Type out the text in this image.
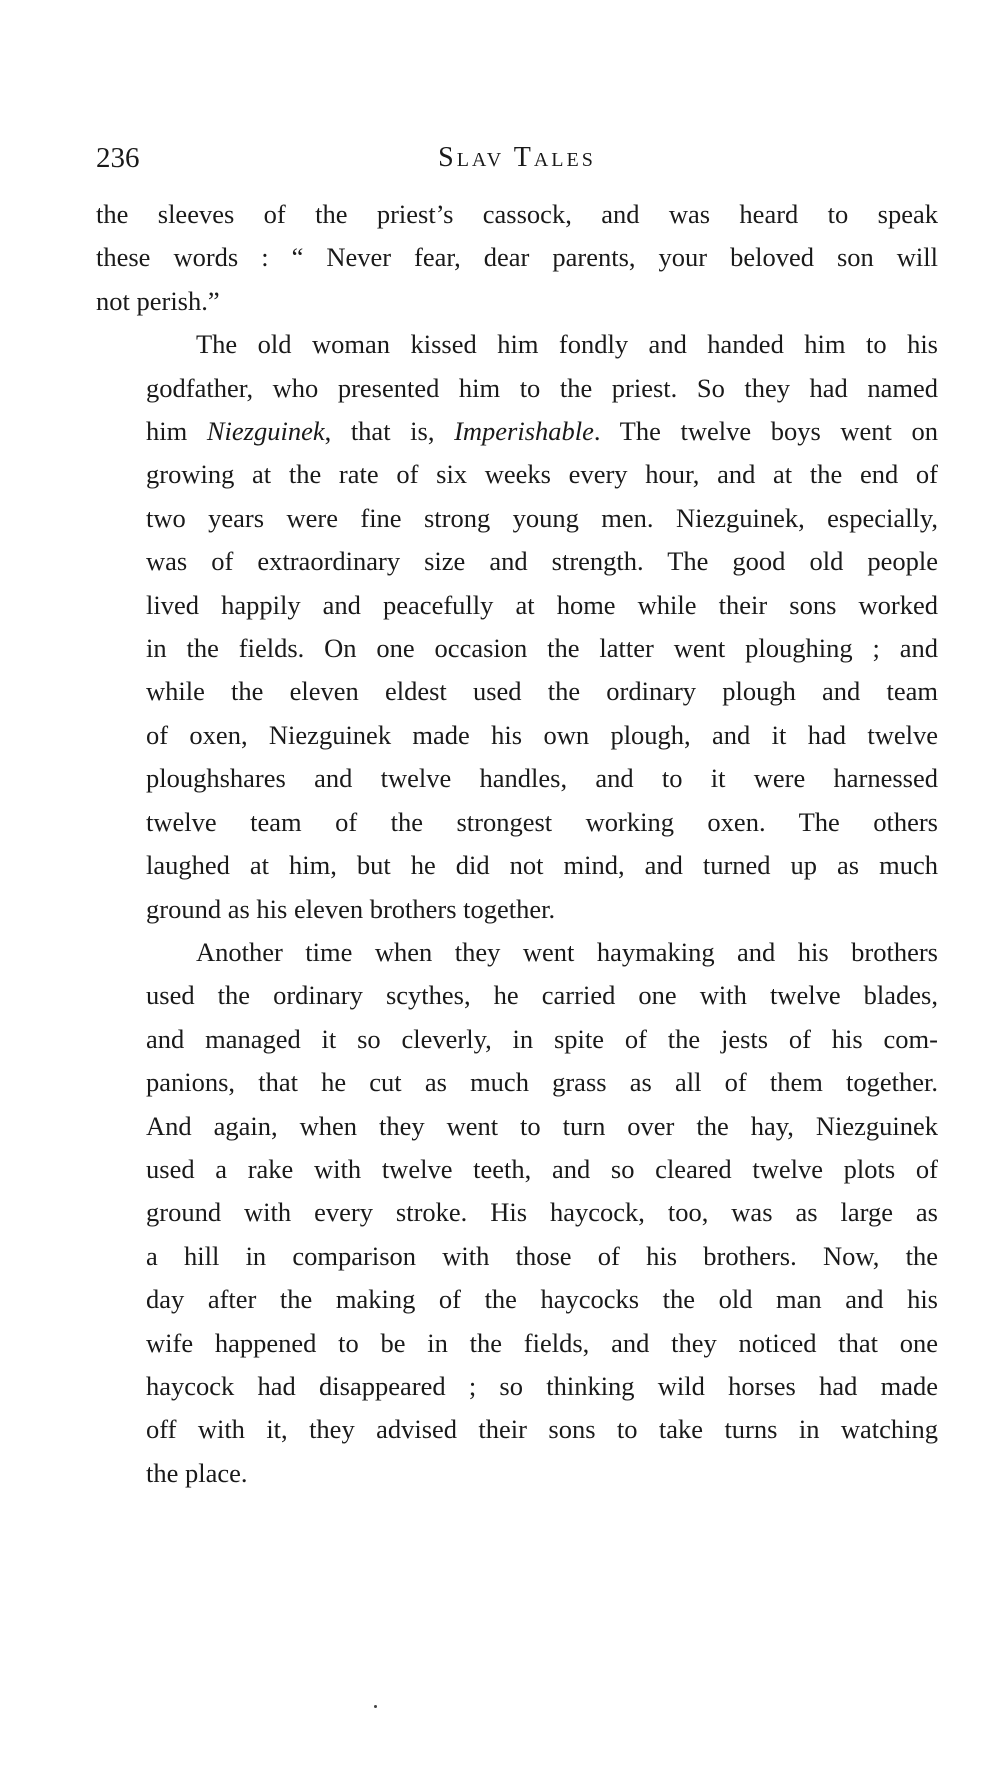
236	Slav Tales

the sleeves of the priest’s cassock, and was heard to speak
these words : “ Never fear, dear parents, your beloved son will
not perish.”

The old woman kissed him fondly and handed him to his
godfather, who presented him to the priest. So they had named
him Niezguinek, that is, Imperishable. The twelve boys went on
growing at the rate of six weeks every hour, and at the end of
two years were fine strong young men. Niezguinek, especially,
was of extraordinary size and strength. The good old people
lived happily and peacefully at home while their sons worked
in the fields. On one occasion the latter went ploughing ; and
while the eleven eldest used the ordinary plough and team
of oxen, Niezguinek made his own plough, and it had twelve
ploughshares and twelve handles, and to it were harnessed
twelve team of the strongest working oxen. The others
laughed at him, but he did not mind, and turned up as much
ground as his eleven brothers together.

Another time when they went haymaking and his brothers
used the ordinary scythes, he carried one with twelve blades,
and managed it so cleverly, in spite of the jests of his com-
panions, that he cut as much grass as all of them together.
And again, when they went to turn over the hay, Niezguinek
used a rake with twelve teeth, and so cleared twelve plots of
ground with every stroke. His haycock, too, was as large as
a hill in comparison with those of his brothers. Now, the
day after the making of the haycocks the old man and his
wife happened to be in the fields, and they noticed that one
haycock had disappeared ; so thinking wild horses had made
off with it, they advised their sons to take turns in watching
the place.
